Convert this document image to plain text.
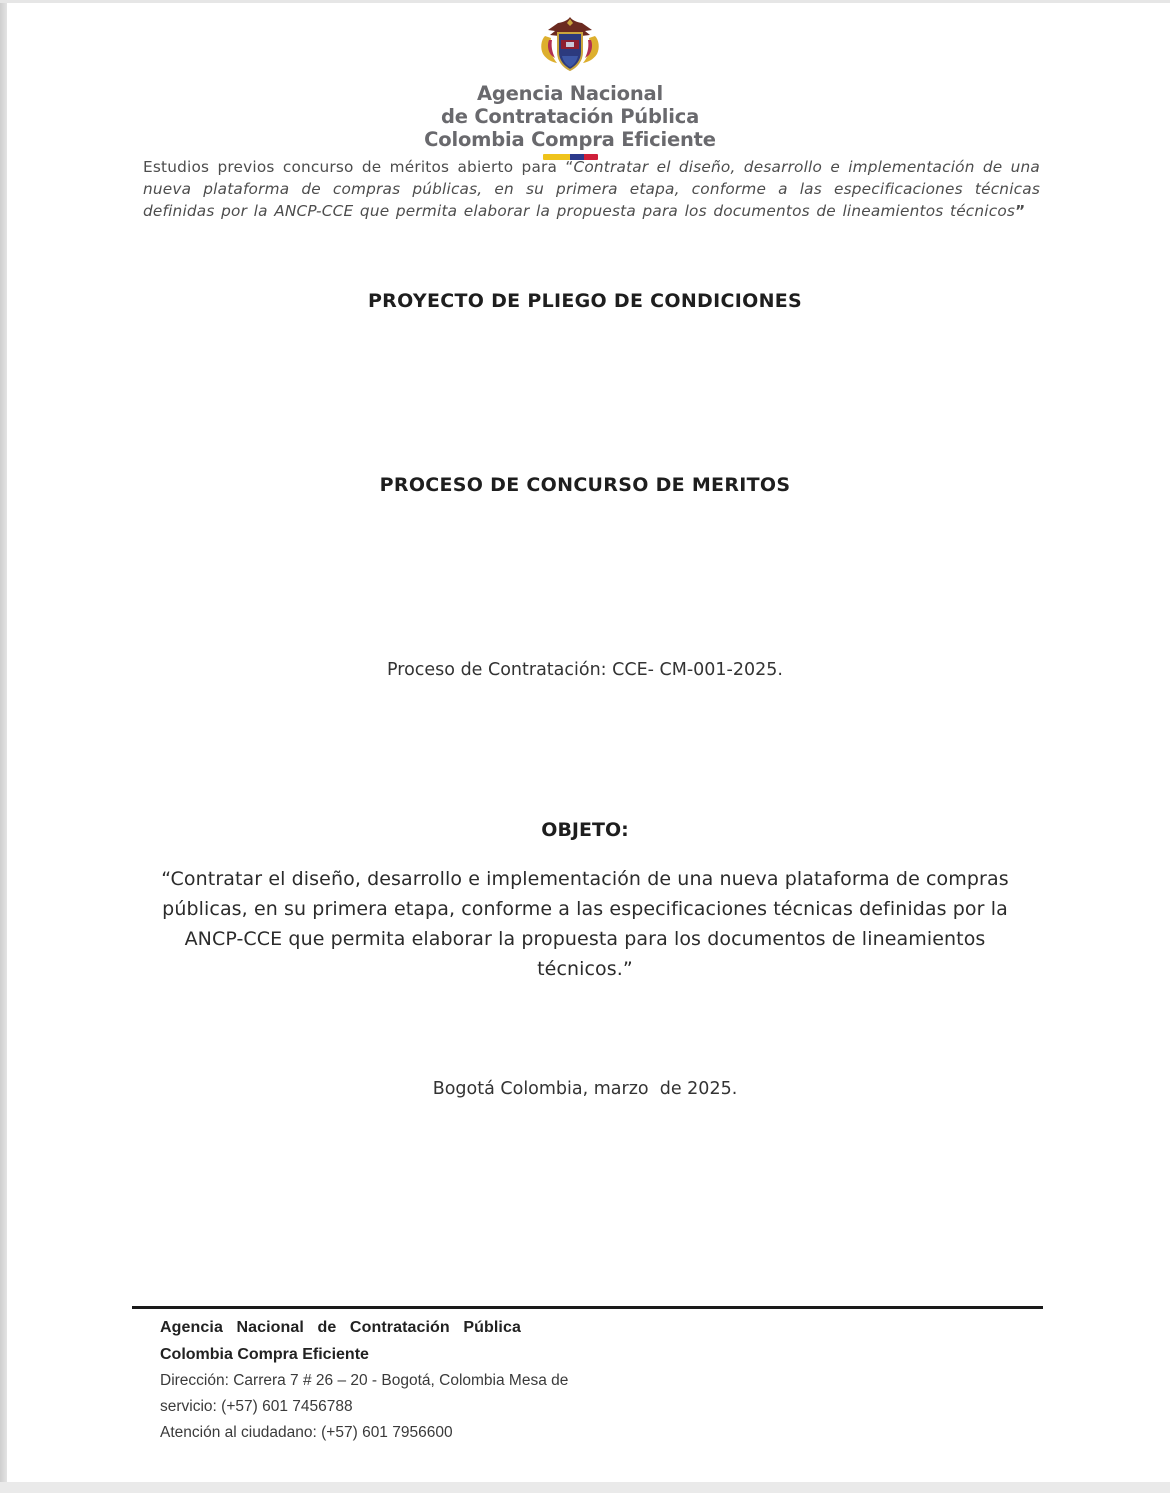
Agencia Nacional
de Contratación Pública
Colombia Compra Eficiente

Estudios previos concurso de méritos abierto para “Contratar el diseño, desarrollo e implementación de una nueva plataforma de compras públicas, en su primera etapa, conforme a las especificaciones técnicas definidas por la ANCP-CCE que permita elaborar la propuesta para los documentos de lineamientos técnicos”

PROYECTO DE PLIEGO DE CONDICIONES
PROCESO DE CONCURSO DE MERITOS
Proceso de Contratación: CCE- CM-001-2025.
OBJETO:

“Contratar el diseño, desarrollo e implementación de una nueva plataforma de compras públicas, en su primera etapa, conforme a las especificaciones técnicas definidas por la ANCP-CCE que permita elaborar la propuesta para los documentos de lineamientos técnicos.”

Bogotá Colombia, marzo  de 2025.
Agencia Nacional de Contratación Pública
Colombia Compra Eficiente
Dirección: Carrera 7 # 26 – 20 - Bogotá, Colombia Mesa de
servicio: (+57) 601 7456788
Atención al ciudadano: (+57) 601 7956600
